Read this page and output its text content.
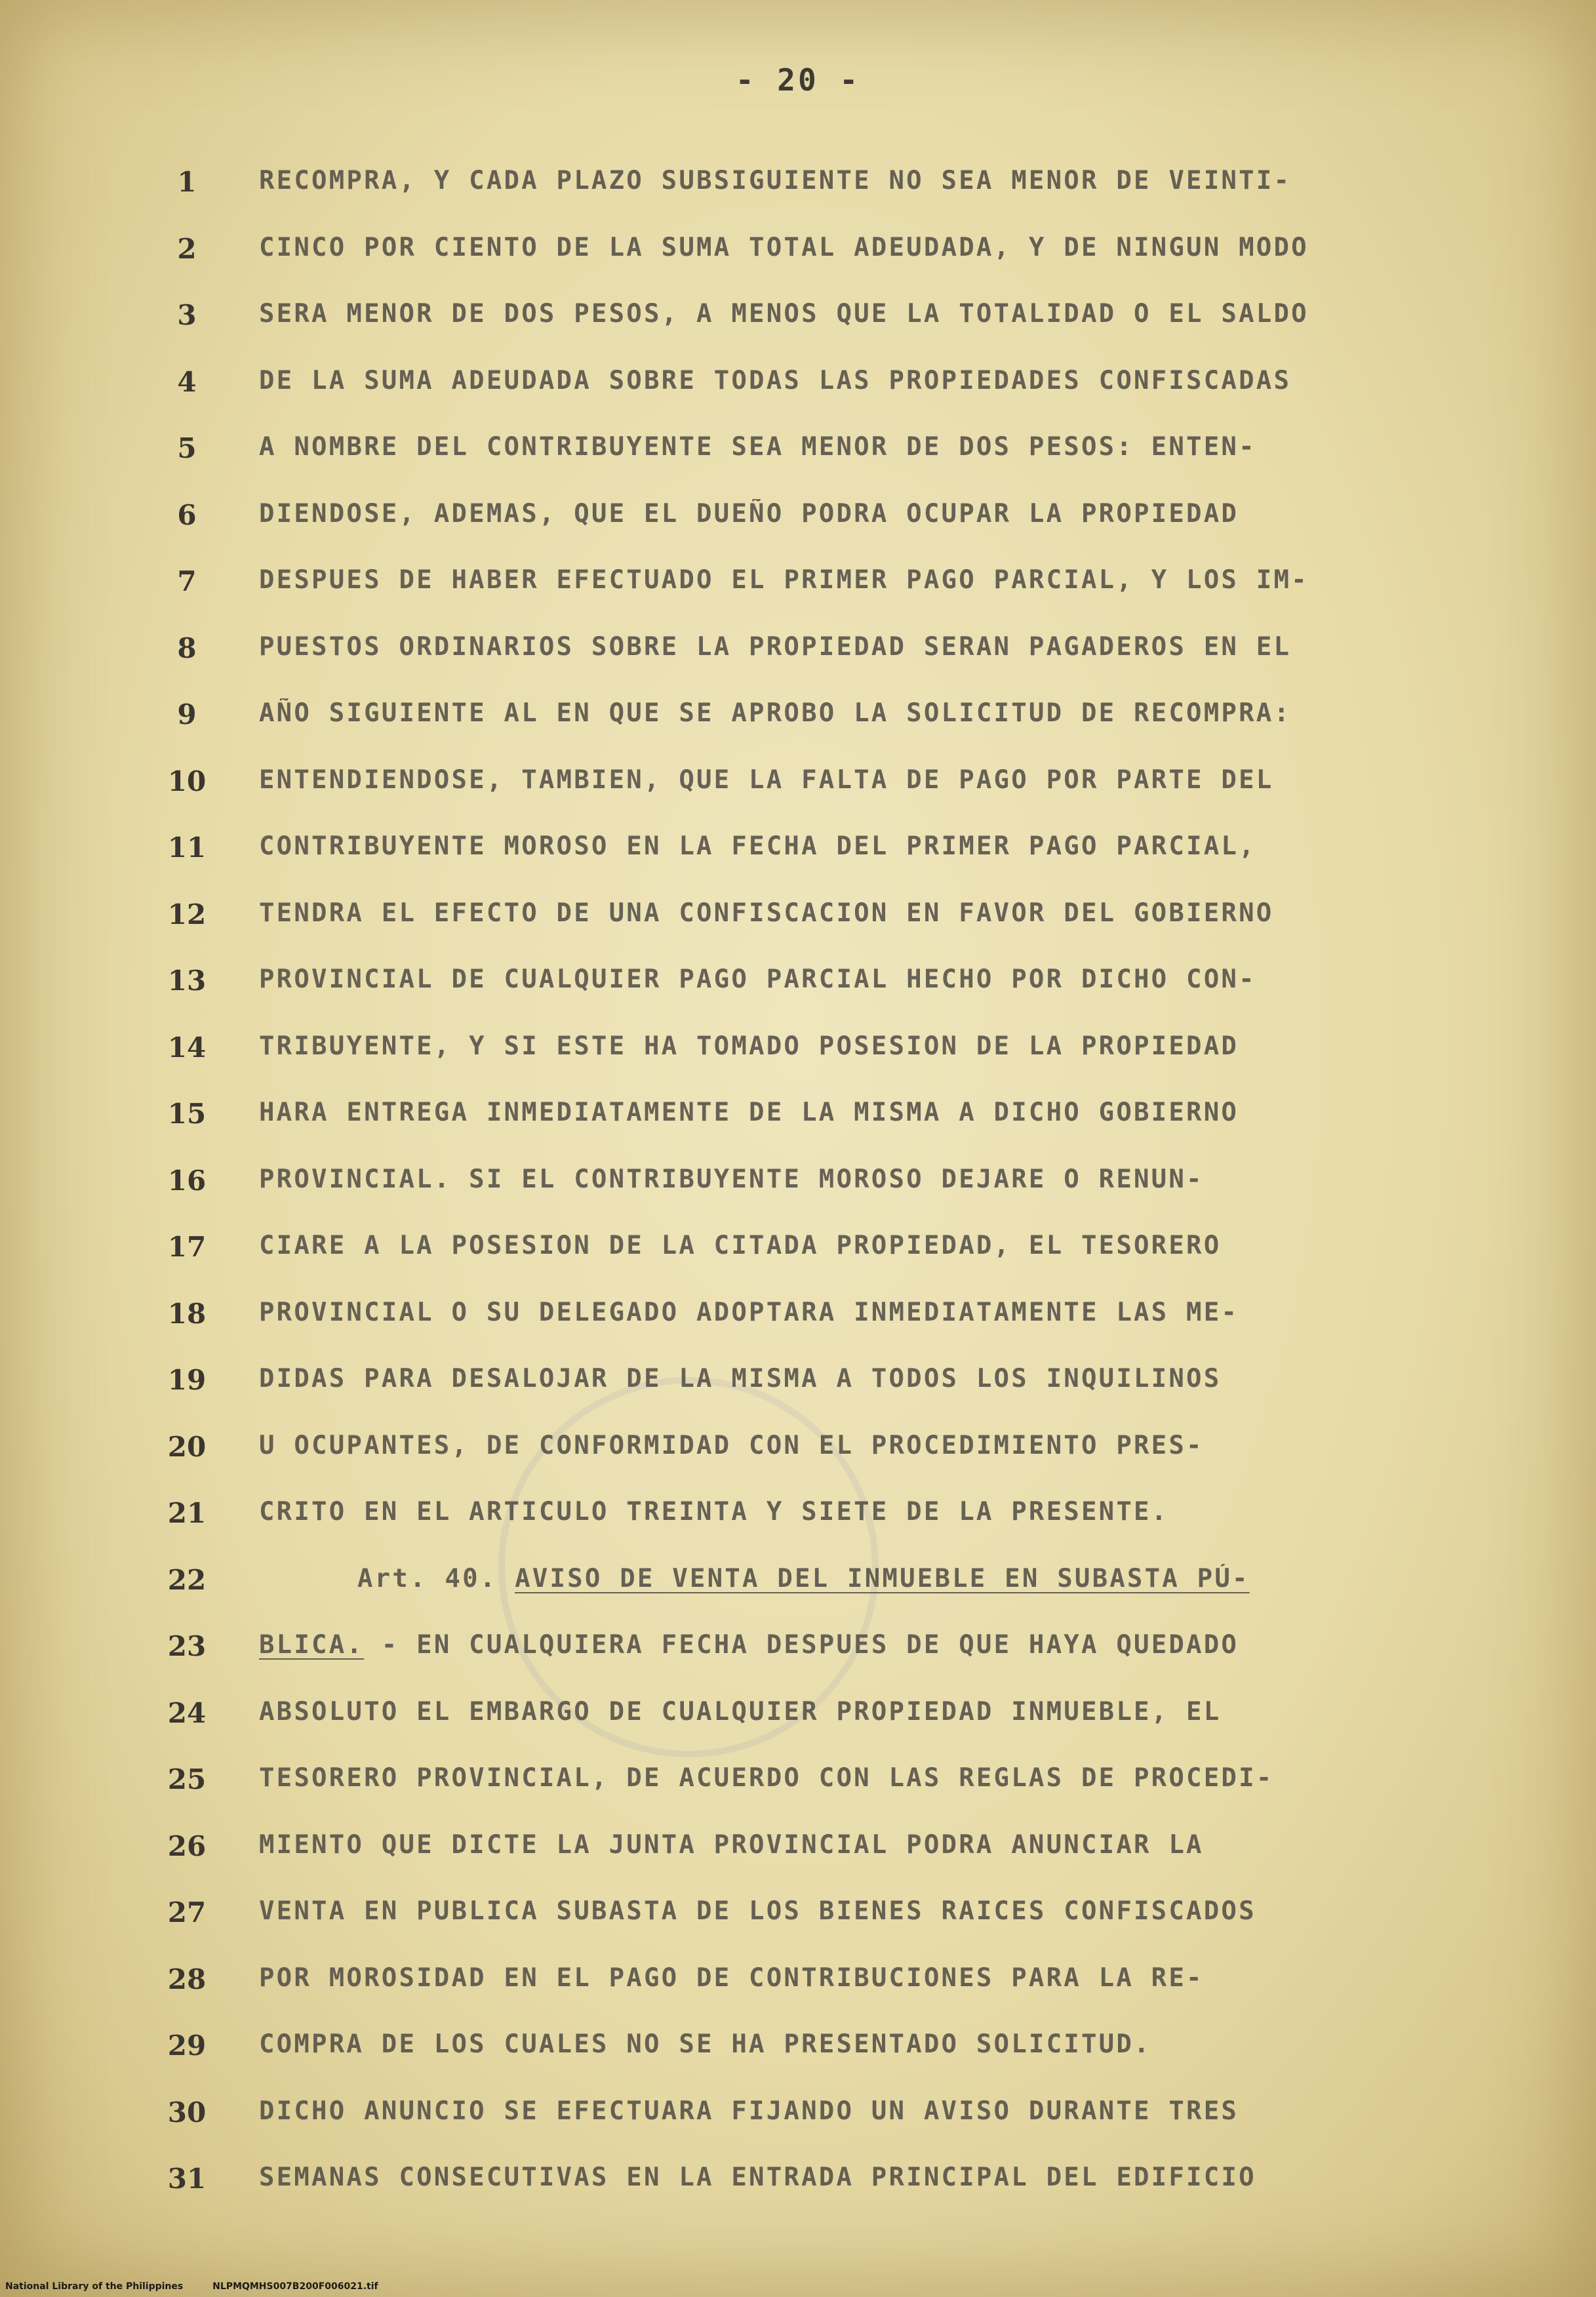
- 20 -
1	RECOMPRA, Y CADA PLAZO SUBSIGUIENTE NO SEA MENOR DE VEINTI-
2	CINCO POR CIENTO DE LA SUMA TOTAL ADEUDADA, Y DE NINGUN MODO
3	SERA MENOR DE DOS PESOS, A MENOS QUE LA TOTALIDAD O EL SALDO
4	DE LA SUMA ADEUDADA SOBRE TODAS LAS PROPIEDADES CONFISCADAS
5	A NOMBRE DEL CONTRIBUYENTE SEA MENOR DE DOS PESOS: ENTEN-
6	DIENDOSE, ADEMAS, QUE EL DUEÑO PODRA OCUPAR LA PROPIEDAD
7	DESPUES DE HABER EFECTUADO EL PRIMER PAGO PARCIAL, Y LOS IM-
8	PUESTOS ORDINARIOS SOBRE LA PROPIEDAD SERAN PAGADEROS EN EL
9	AÑO SIGUIENTE AL EN QUE SE APROBO LA SOLICITUD DE RECOMPRA:
10	ENTENDIENDOSE, TAMBIEN, QUE LA FALTA DE PAGO POR PARTE DEL
11	CONTRIBUYENTE MOROSO EN LA FECHA DEL PRIMER PAGO PARCIAL,
12	TENDRA EL EFECTO DE UNA CONFISCACION EN FAVOR DEL GOBIERNO
13	PROVINCIAL DE CUALQUIER PAGO PARCIAL HECHO POR DICHO CON-
14	TRIBUYENTE, Y SI ESTE HA TOMADO POSESION DE LA PROPIEDAD
15	HARA ENTREGA INMEDIATAMENTE DE LA MISMA A DICHO GOBIERNO
16	PROVINCIAL. SI EL CONTRIBUYENTE MOROSO DEJARE O RENUN-
17	CIARE A LA POSESION DE LA CITADA PROPIEDAD, EL TESORERO
18	PROVINCIAL O SU DELEGADO ADOPTARA INMEDIATAMENTE LAS ME-
19	DIDAS PARA DESALOJAR DE LA MISMA A TODOS LOS INQUILINOS
20	U OCUPANTES, DE CONFORMIDAD CON EL PROCEDIMIENTO PRES-
21	CRITO EN EL ARTICULO TREINTA Y SIETE DE LA PRESENTE.
22	Art. 40. AVISO DE VENTA DEL INMUEBLE EN SUBASTA PÚ-
23	BLICA. - EN CUALQUIERA FECHA DESPUES DE QUE HAYA QUEDADO
24	ABSOLUTO EL EMBARGO DE CUALQUIER PROPIEDAD INMUEBLE, EL
25	TESORERO PROVINCIAL, DE ACUERDO CON LAS REGLAS DE PROCEDI-
26	MIENTO QUE DICTE LA JUNTA PROVINCIAL PODRA ANUNCIAR LA
27	VENTA EN PUBLICA SUBASTA DE LOS BIENES RAICES CONFISCADOS
28	POR MOROSIDAD EN EL PAGO DE CONTRIBUCIONES PARA LA RE-
29	COMPRA DE LOS CUALES NO SE HA PRESENTADO SOLICITUD.
30	DICHO ANUNCIO SE EFECTUARA FIJANDO UN AVISO DURANTE TRES
31	SEMANAS CONSECUTIVAS EN LA ENTRADA PRINCIPAL DEL EDIFICIO
National Library of the Philippines	NLPMQMHS007B200F006021.tif
